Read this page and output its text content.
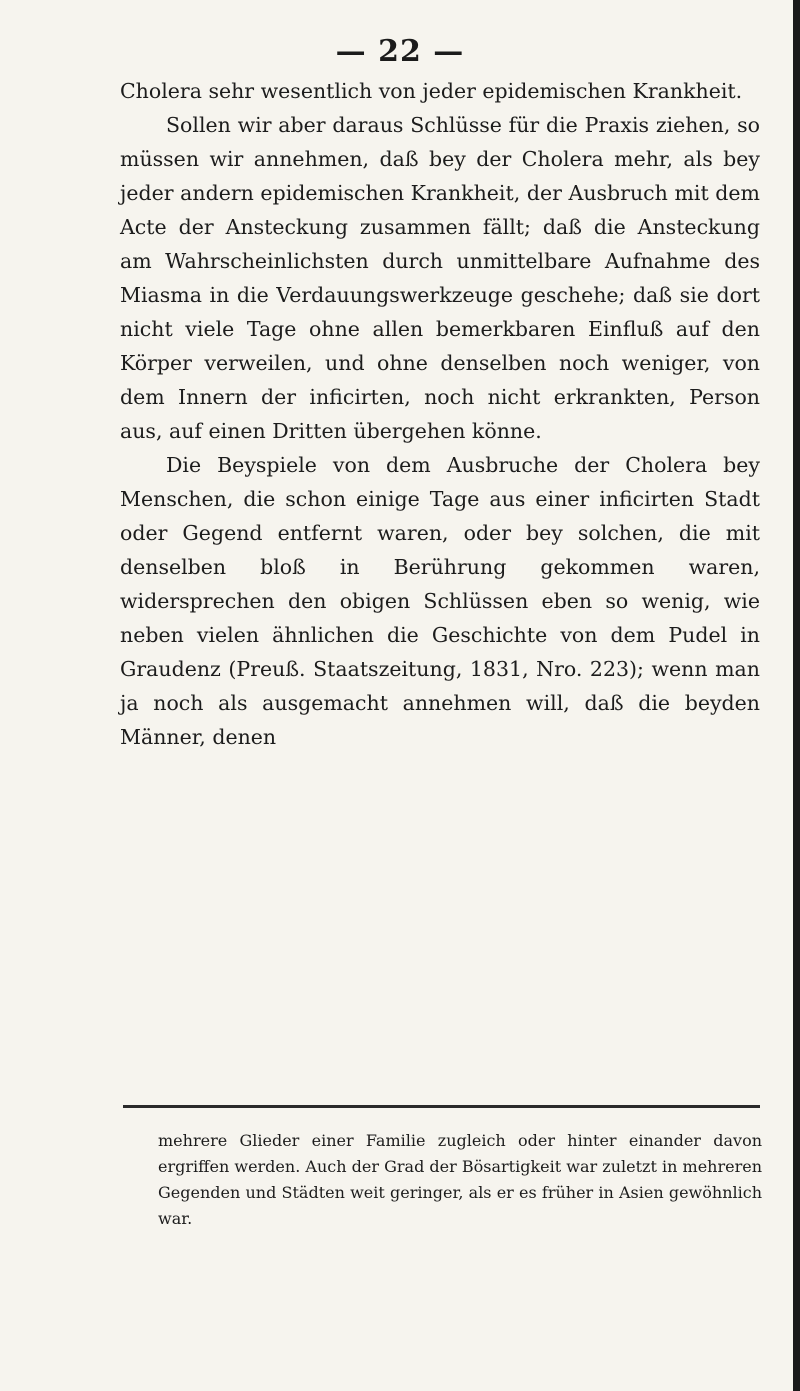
— 22 —

Cholera sehr wesentlich von jeder epidemischen Krankheit.

Sollen wir aber daraus Schlüsse für die Praxis ziehen, so müssen wir annehmen, daß bey der Cholera mehr, als bey jeder andern epidemischen Krankheit, der Ausbruch mit dem Acte der Ansteckung zusammen fällt; daß die Ansteckung am Wahrscheinlichsten durch unmittelbare Aufnahme des Miasma in die Verdauungswerkzeuge geschehe; daß sie dort nicht viele Tage ohne allen bemerkbaren Einfluß auf den Körper verweilen, und ohne denselben noch weniger, von dem Innern der inficirten, noch nicht erkrankten, Person aus, auf einen Dritten übergehen könne.

Die Beyspiele von dem Ausbruche der Cholera bey Menschen, die schon einige Tage aus einer inficirten Stadt oder Gegend entfernt waren, oder bey solchen, die mit denselben bloß in Berührung gekommen waren, widersprechen den obigen Schlüssen eben so wenig, wie neben vielen ähnlichen die Geschichte von dem Pudel in Graudenz (Preuß. Staatszeitung, 1831, Nro. 223); wenn man ja noch als ausgemacht annehmen will, daß die beyden Männer, denen

mehrere Glieder einer Familie zugleich oder hinter einander davon ergriffen werden. Auch der Grad der Bösartigkeit war zuletzt in mehreren Gegenden und Städten weit geringer, als er es früher in Asien gewöhnlich war.
